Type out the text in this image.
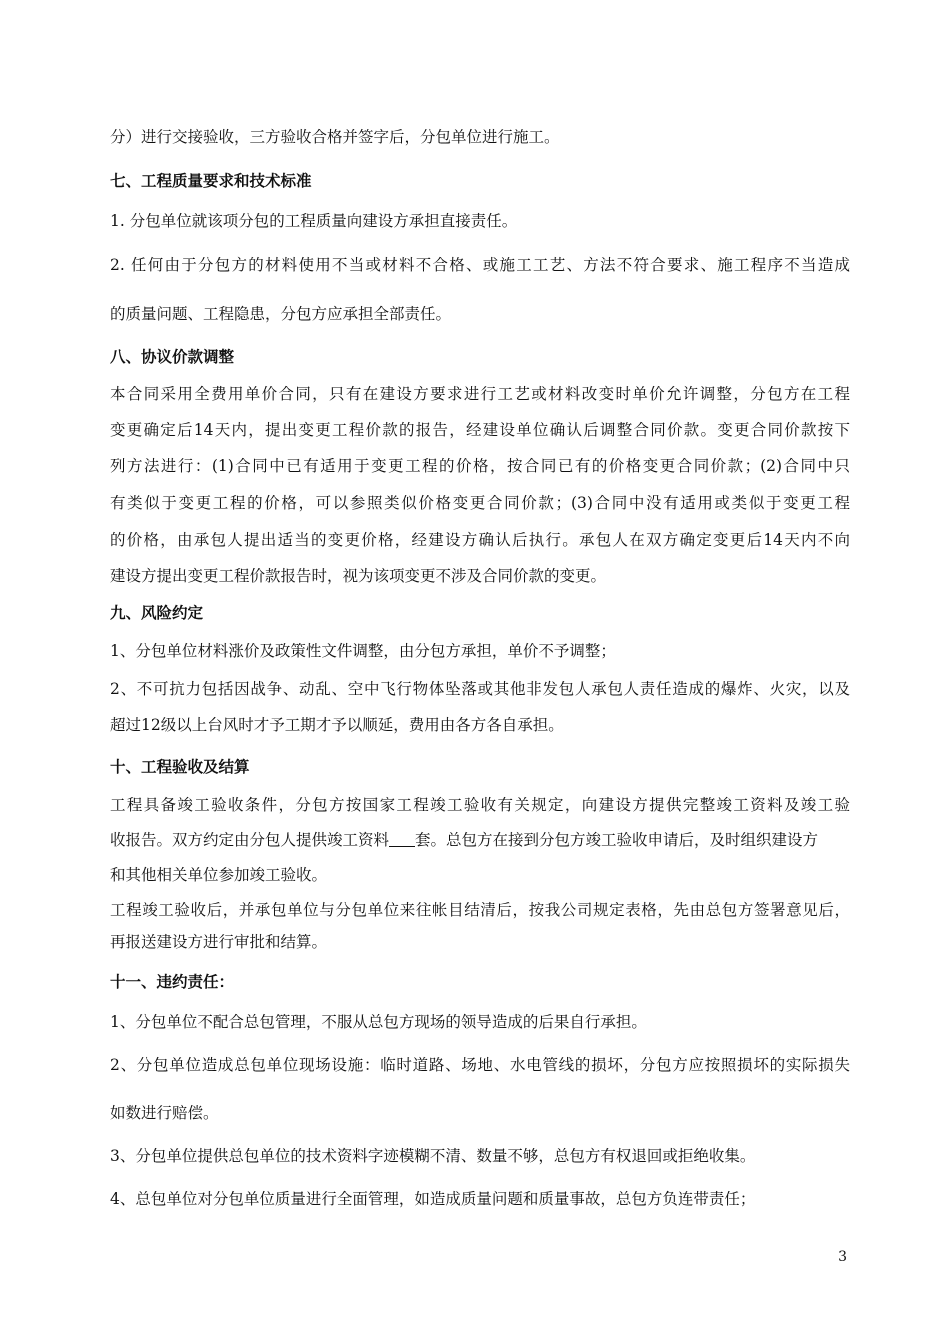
分）进行交接验收，三方验收合格并签字后，分包单位进行施工。
七、工程质量要求和技术标准
1. 分包单位就该项分包的工程质量向建设方承担直接责任。
2. 任何由于分包方的材料使用不当或材料不合格、或施工工艺、方法不符合要求、施工程序不当造成
的质量问题、工程隐患，分包方应承担全部责任。
八、协议价款调整
本合同采用全费用单价合同，只有在建设方要求进行工艺或材料改变时单价允许调整，分包方在工程
变更确定后14天内，提出变更工程价款的报告，经建设单位确认后调整合同价款。变更合同价款按下
列方法进行：(1)合同中已有适用于变更工程的价格，按合同已有的价格变更合同价款；(2)合同中只
有类似于变更工程的价格，可以参照类似价格变更合同价款；(3)合同中没有适用或类似于变更工程
的价格，由承包人提出适当的变更价格，经建设方确认后执行。承包人在双方确定变更后14天内不向
建设方提出变更工程价款报告时，视为该项变更不涉及合同价款的变更。
九、风险约定
1、分包单位材料涨价及政策性文件调整，由分包方承担，单价不予调整；
2、不可抗力包括因战争、动乱、空中飞行物体坠落或其他非发包人承包人责任造成的爆炸、火灾，以及
超过12级以上台风时才予工期才予以顺延，费用由各方各自承担。
十、工程验收及结算
工程具备竣工验收条件，分包方按国家工程竣工验收有关规定，向建设方提供完整竣工资料及竣工验
收报告。双方约定由分包人提供竣工资料 套。总包方在接到分包方竣工验收申请后，及时组织建设方
和其他相关单位参加竣工验收。
工程竣工验收后，并承包单位与分包单位来往帐目结清后，按我公司规定表格，先由总包方签署意见后，
再报送建设方进行审批和结算。
十一、违约责任：
1、分包单位不配合总包管理，不服从总包方现场的领导造成的后果自行承担。
2、分包单位造成总包单位现场设施：临时道路、场地、水电管线的损坏，分包方应按照损坏的实际损失
如数进行赔偿。
3、分包单位提供总包单位的技术资料字迹模糊不清、数量不够，总包方有权退回或拒绝收集。
4、总包单位对分包单位质量进行全面管理，如造成质量问题和质量事故，总包方负连带责任；
3
